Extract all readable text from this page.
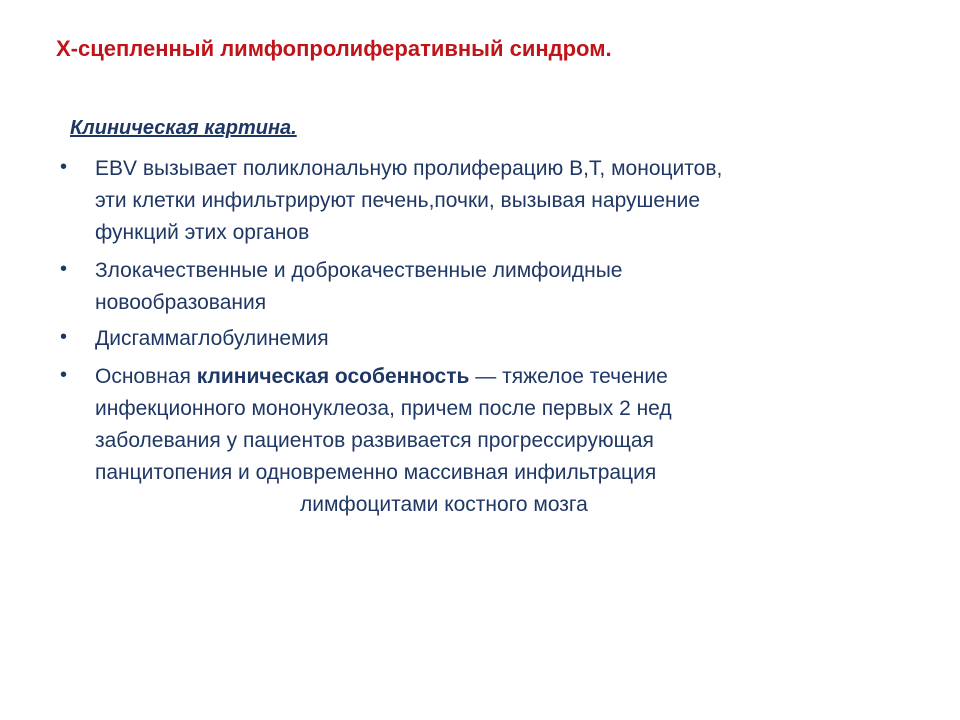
Х-сцепленный лимфопролиферативный синдром.
Клиническая картина.
• EBV вызывает поликлональную пролиферацию B,T, моноцитов,
эти клетки инфильтрируют печень,почки, вызывая нарушение
функций этих органов
• Злокачественные и доброкачественные лимфоидные
новообразования
• Дисгаммаглобулинемия
• Основная клиническая особенность — тяжелое течение
инфекционного мононуклеоза, причем после первых 2 нед
заболевания у пациентов развивается прогрессирующая
панцитопения и одновременно массивная инфильтрация
лимфоцитами костного мозга
